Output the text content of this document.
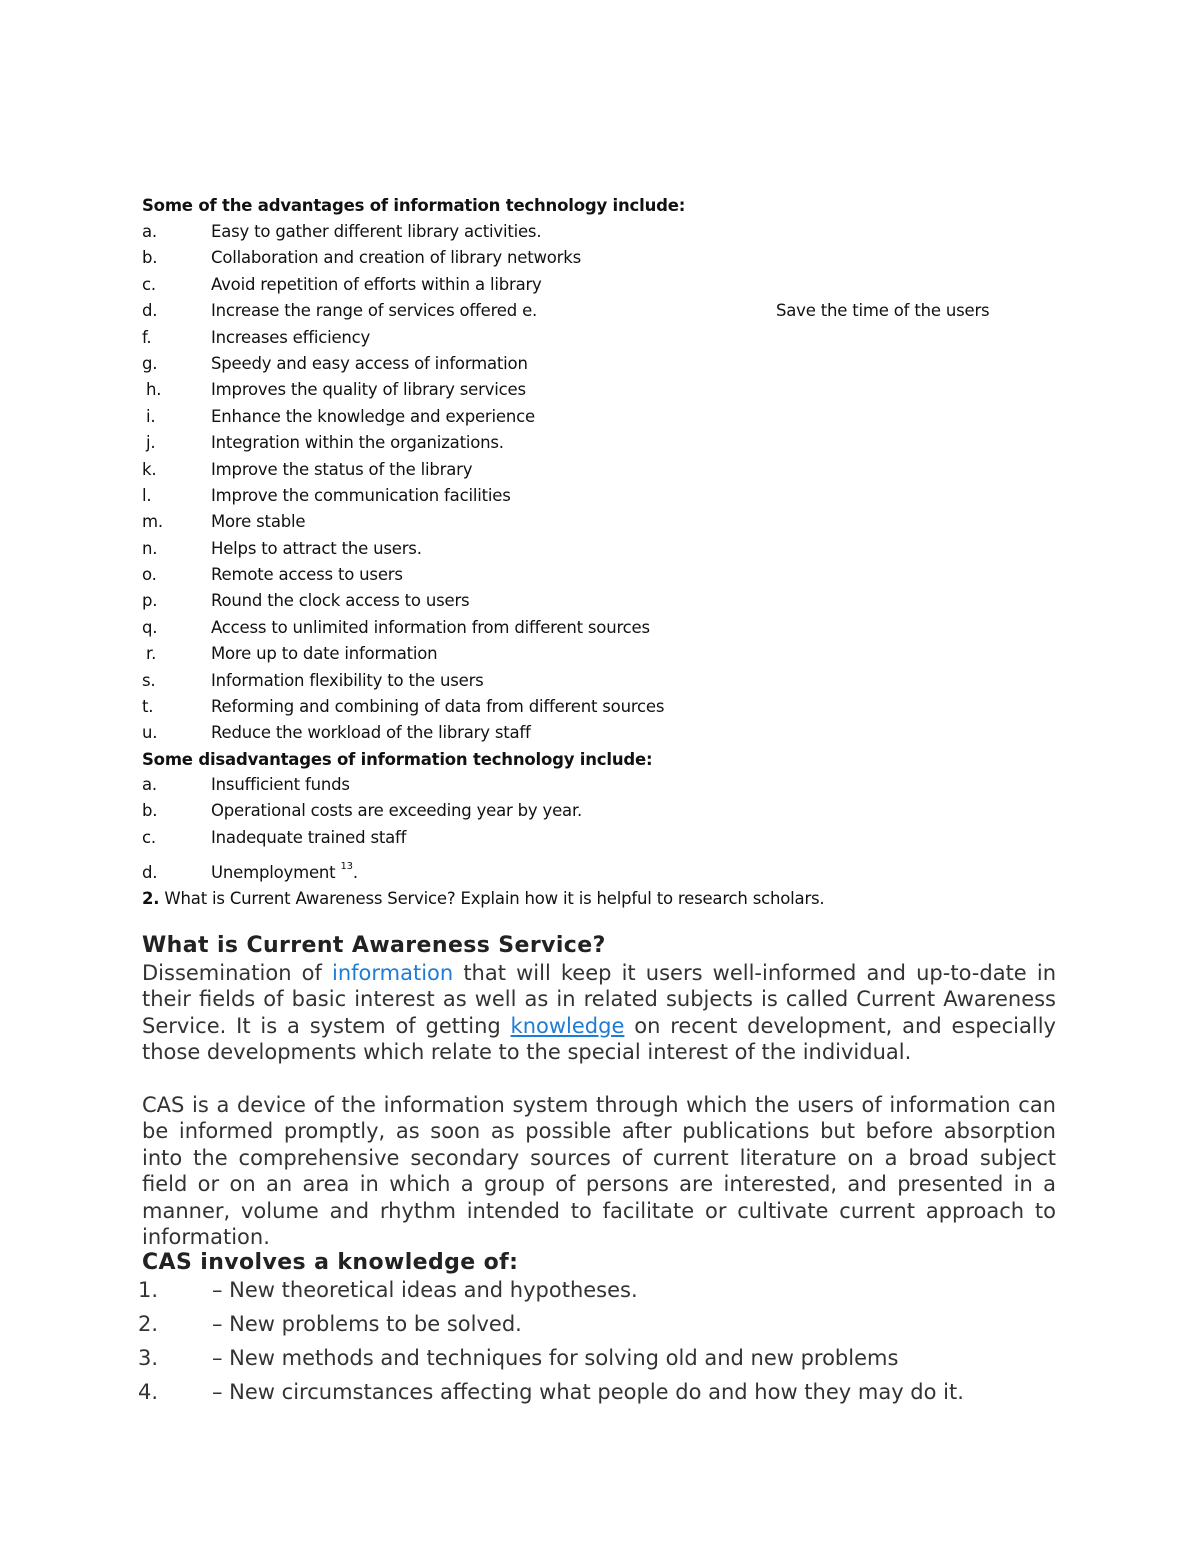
Some of the advantages of information technology include:
a.	Easy to gather different library activities.
b.	Collaboration and creation of library networks
c.	Avoid repetition of efforts within a library
d.	Increase the range of services offered e.	Save the time of the users
f.	Increases efficiency
g.	Speedy and easy access of information
h.	Improves the quality of library services
i.	Enhance the knowledge and experience
j.	Integration within the organizations.
k.	Improve the status of the library
l.	Improve the communication facilities
m.	More stable
n.	Helps to attract the users.
o.	Remote access to users
p.	Round the clock access to users
q.	Access to unlimited information from different sources
r.	More up to date information
s.	Information flexibility to the users
t.	Reforming and combining of data from different sources
u.	Reduce the workload of the library staff
Some disadvantages of information technology include:
a.	Insufficient funds
b.	Operational costs are exceeding year by year.
c.	Inadequate trained staff
d.	Unemployment $^{13}$.
2. What is Current Awareness Service? Explain how it is helpful to research scholars.
What is Current Awareness Service?
Dissemination of information that will keep it users well-informed and up-to-date in their fields of basic interest as well as in related subjects is called Current Awareness Service. It is a system of getting knowledge on recent development, and especially those developments which relate to the special interest of the individual.
CAS is a device of the information system through which the users of information can be informed promptly, as soon as possible after publications but before absorption into the comprehensive secondary sources of current literature on a broad subject field or on an area in which a group of persons are interested, and presented in a manner, volume and rhythm intended to facilitate or cultivate current approach to information.
CAS involves a knowledge of:
1.	– New theoretical ideas and hypotheses.
2.	– New problems to be solved.
3.	– New methods and techniques for solving old and new problems
4.	– New circumstances affecting what people do and how they may do it.
